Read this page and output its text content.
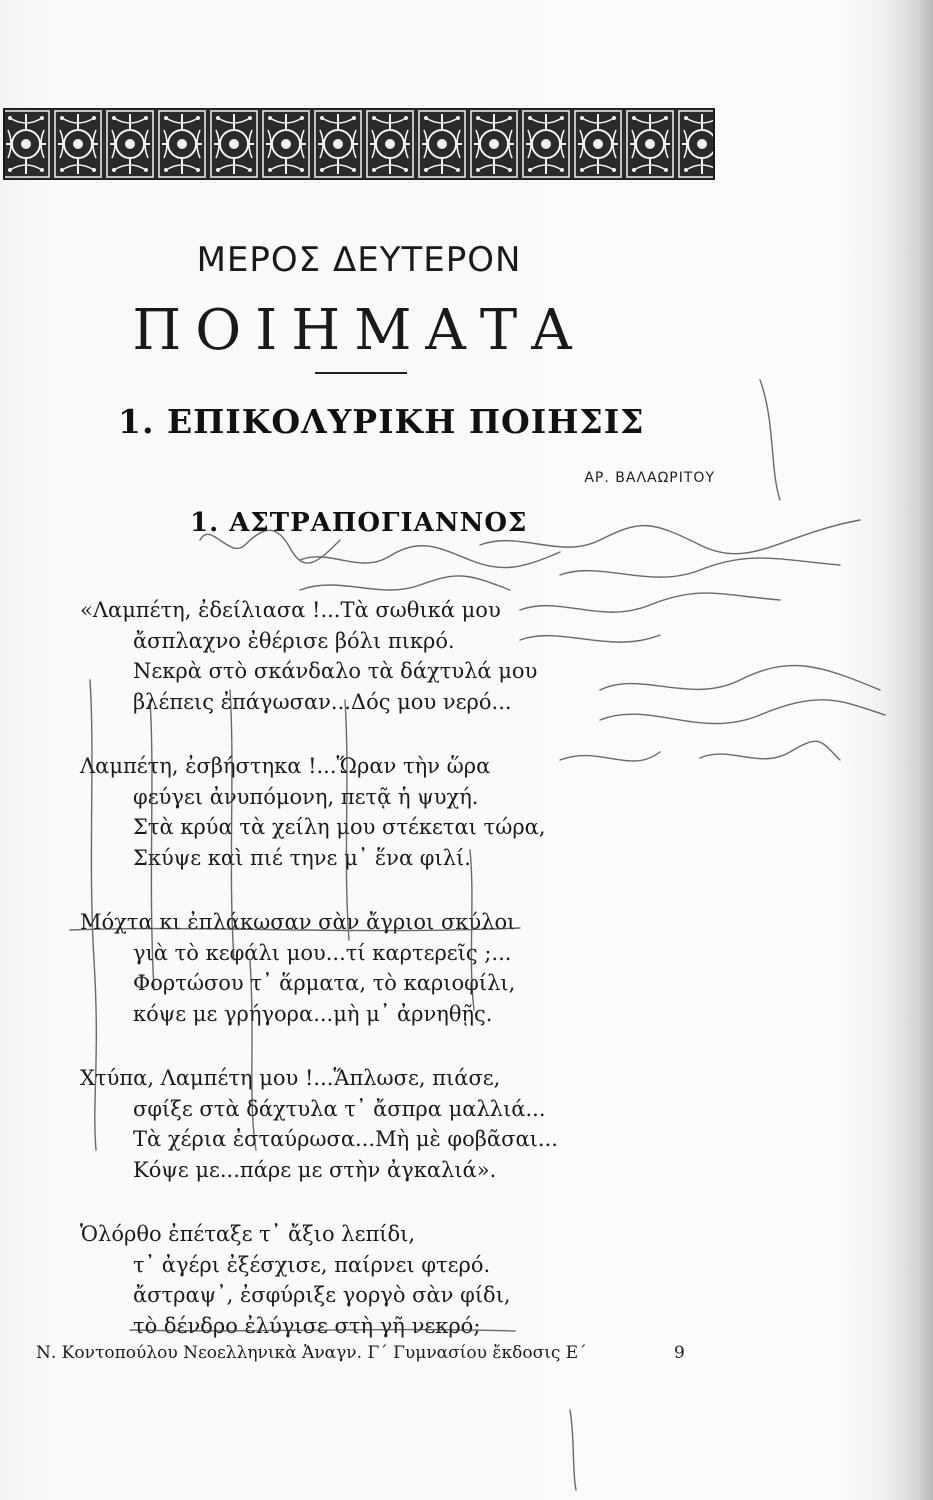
ΜΕΡΟΣ ΔΕΥΤΕΡΟΝ
ΠΟΙΗΜΑΤΑ
1. ΕΠΙΚΟΛΥΡΙΚΗ ΠΟΙΗΣΙΣ
ΑΡ. ΒΑΛΑΩΡΙΤΟΥ
1. ΑΣΤΡΑΠΟΓΙΑΝΝΟΣ
«Λαμπέτη, ἐδείλιασα !...Τὰ σωθικά μου
ἄσπλαχνο ἐθέρισε βόλι πικρό.
Νεκρὰ στὸ σκάνδαλο τὰ δάχτυλά μου
βλέπεις ἐπάγωσαν...Δός μου νερό...
Λαμπέτη, ἐσβήστηκα !...Ὥραν τὴν ὥρα
φεύγει ἀνυπόμονη, πετᾷ ἡ ψυχή.
Στὰ κρύα τὰ χείλη μου στέκεται τώρα,
Σκύψε καὶ πιέ τηνε μ᾽ ἕνα φιλί.
Μόχτα κι ἐπλάκωσαν σὰν ἄγριοι σκύλοι
γιὰ τὸ κεφάλι μου...τί καρτερεῖς ;...
Φορτώσου τ᾽ ἅρματα, τὸ καριοφίλι,
κόψε με γρήγορα...μὴ μ᾽ ἀρνηθῇς.
Χτύπα, Λαμπέτη μου !...Ἅπλωσε, πιάσε,
σφίξε στὰ δάχτυλα τ᾽ ἄσπρα μαλλιά...
Τὰ χέρια ἐσταύρωσα...Μὴ μὲ φοβᾶσαι...
Κόψε με...πάρε με στὴν ἀγκαλιά».
Ὁλόρθο ἐπέταξε τ᾽ ἄξιο λεπίδι,
τ᾽ ἀγέρι ἐξέσχισε, παίρνει φτερό.
ἄστραψ᾽, ἐσφύριξε γοργὸ σὰν φίδι,
τὸ δένδρο ἐλύγισε στὴ γῆ νεκρό;
Ν. Κοντοπούλου Νεοελληνικὰ Ἀναγν. Γ΄ Γυμνασίου ἔκδοσις Ε΄	9
